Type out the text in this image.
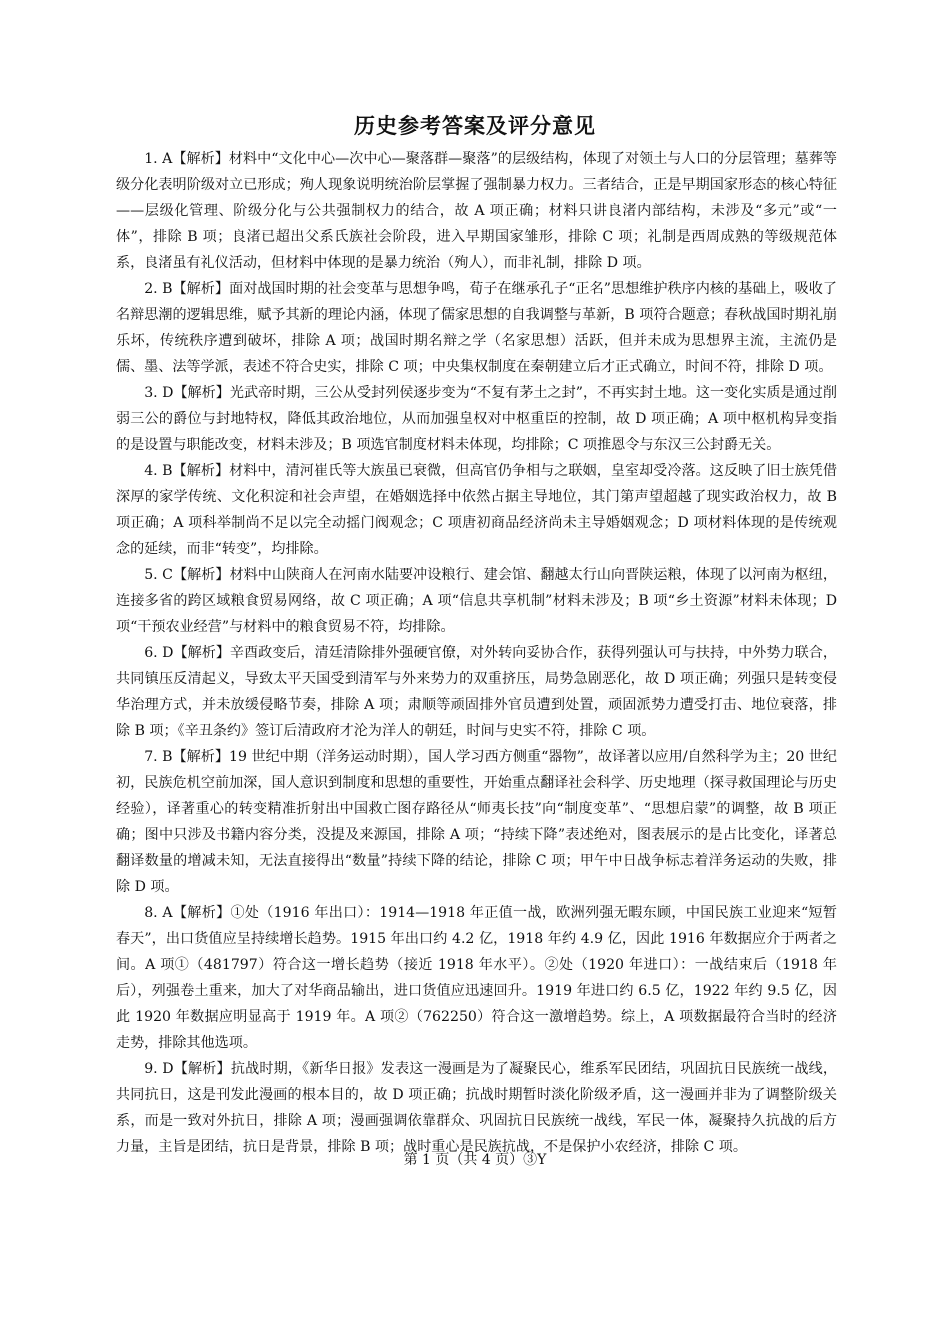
历史参考答案及评分意见

1. A【解析】材料中“文化中心—次中心—聚落群—聚落”的层级结构，体现了对领土与人口的分层管理；墓葬等级分化表明阶级对立已形成；殉人现象说明统治阶层掌握了强制暴力权力。三者结合，正是早期国家形态的核心特征——层级化管理、阶级分化与公共强制权力的结合，故 A 项正确；材料只讲良渚内部结构，未涉及“多元”或“一体”，排除 B 项；良渚已超出父系氏族社会阶段，进入早期国家雏形，排除 C 项；礼制是西周成熟的等级规范体系，良渚虽有礼仪活动，但材料中体现的是暴力统治（殉人），而非礼制，排除 D 项。

2. B【解析】面对战国时期的社会变革与思想争鸣，荀子在继承孔子“正名”思想维护秩序内核的基础上，吸收了名辩思潮的逻辑思维，赋予其新的理论内涵，体现了儒家思想的自我调整与革新，B 项符合题意；春秋战国时期礼崩乐坏，传统秩序遭到破坏，排除 A 项；战国时期名辩之学（名家思想）活跃，但并未成为思想界主流，主流仍是儒、墨、法等学派，表述不符合史实，排除 C 项；中央集权制度在秦朝建立后才正式确立，时间不符，排除 D 项。

3. D【解析】光武帝时期，三公从受封列侯逐步变为“不复有茅土之封”，不再实封土地。这一变化实质是通过削弱三公的爵位与封地特权，降低其政治地位，从而加强皇权对中枢重臣的控制，故 D 项正确；A 项中枢机构异变指的是设置与职能改变，材料未涉及；B 项选官制度材料未体现，均排除；C 项推恩令与东汉三公封爵无关。

4. B【解析】材料中，清河崔氏等大族虽已衰微，但高官仍争相与之联姻，皇室却受冷落。这反映了旧士族凭借深厚的家学传统、文化积淀和社会声望，在婚姻选择中依然占据主导地位，其门第声望超越了现实政治权力，故 B 项正确；A 项科举制尚不足以完全动摇门阀观念；C 项唐初商品经济尚未主导婚姻观念；D 项材料体现的是传统观念的延续，而非“转变”，均排除。

5. C【解析】材料中山陕商人在河南水陆要冲设粮行、建会馆、翻越太行山向晋陕运粮，体现了以河南为枢纽，连接多省的跨区域粮食贸易网络，故 C 项正确；A 项“信息共享机制”材料未涉及；B 项“乡土资源”材料未体现；D 项“干预农业经营”与材料中的粮食贸易不符，均排除。

6. D【解析】辛酉政变后，清廷清除排外强硬官僚，对外转向妥协合作，获得列强认可与扶持，中外势力联合，共同镇压反清起义，导致太平天国受到清军与外来势力的双重挤压，局势急剧恶化，故 D 项正确；列强只是转变侵华治理方式，并未放缓侵略节奏，排除 A 项；肃顺等顽固排外官员遭到处置，顽固派势力遭受打击、地位衰落，排除 B 项；《辛丑条约》签订后清政府才沦为洋人的朝廷，时间与史实不符，排除 C 项。

7. B【解析】19 世纪中期（洋务运动时期），国人学习西方侧重“器物”，故译著以应用/自然科学为主；20 世纪初，民族危机空前加深，国人意识到制度和思想的重要性，开始重点翻译社会科学、历史地理（探寻救国理论与历史经验），译著重心的转变精准折射出中国救亡图存路径从“师夷长技”向“制度变革”、“思想启蒙”的调整，故 B 项正确；图中只涉及书籍内容分类，没提及来源国，排除 A 项；“持续下降”表述绝对，图表展示的是占比变化，译著总翻译数量的增减未知，无法直接得出“数量”持续下降的结论，排除 C 项；甲午中日战争标志着洋务运动的失败，排除 D 项。

8. A【解析】①处（1916 年出口）：1914—1918 年正值一战，欧洲列强无暇东顾，中国民族工业迎来“短暂春天”，出口货值应呈持续增长趋势。1915 年出口约 4.2 亿，1918 年约 4.9 亿，因此 1916 年数据应介于两者之间。A 项①（481797）符合这一增长趋势（接近 1918 年水平）。②处（1920 年进口）：一战结束后（1918 年后），列强卷土重来，加大了对华商品输出，进口货值应迅速回升。1919 年进口约 6.5 亿，1922 年约 9.5 亿，因此 1920 年数据应明显高于 1919 年。A 项②（762250）符合这一激增趋势。综上，A 项数据最符合当时的经济走势，排除其他选项。

9. D【解析】抗战时期，《新华日报》发表这一漫画是为了凝聚民心，维系军民团结，巩固抗日民族统一战线，共同抗日，这是刊发此漫画的根本目的，故 D 项正确；抗战时期暂时淡化阶级矛盾，这一漫画并非为了调整阶级关系，而是一致对外抗日，排除 A 项；漫画强调依靠群众、巩固抗日民族统一战线，军民一体，凝聚持久抗战的后方力量，主旨是团结，抗日是背景，排除 B 项；战时重心是民族抗战，不是保护小农经济，排除 C 项。

第 1 页（共 4 页）③Y
